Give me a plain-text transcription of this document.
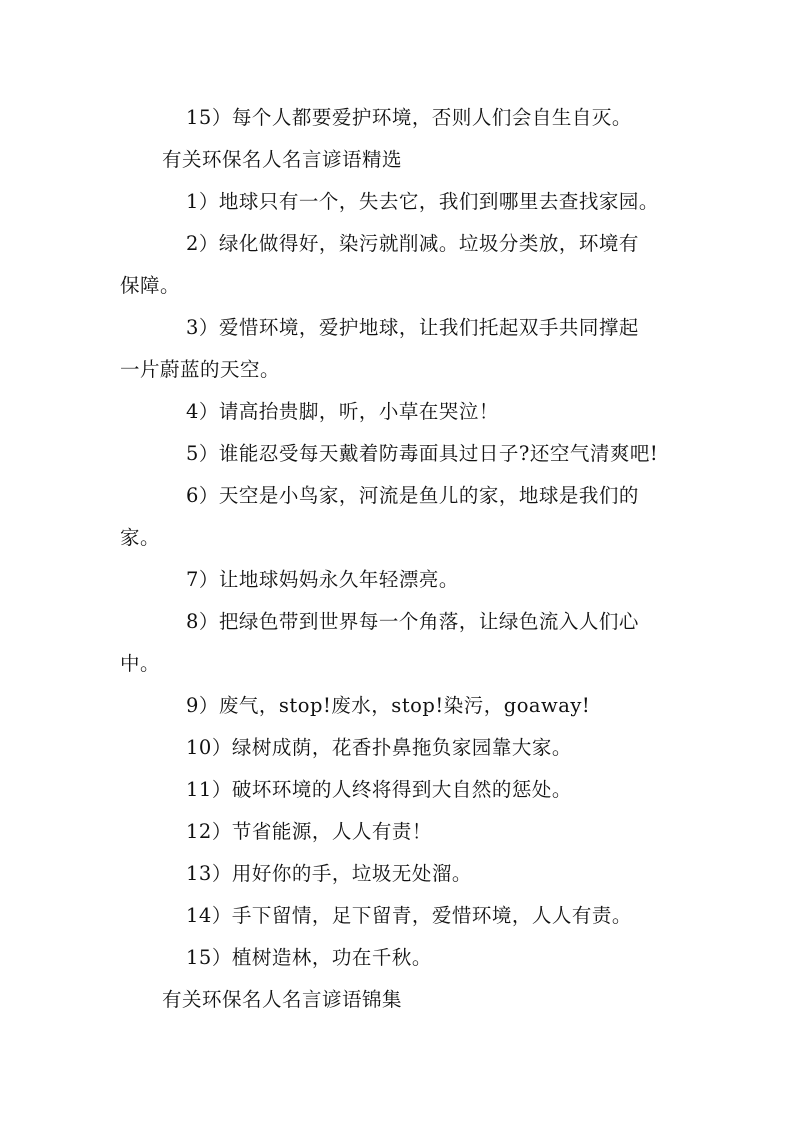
15）每个人都要爱护环境，否则人们会自生自灭。

有关环保名人名言谚语精选

1）地球只有一个，失去它，我们到哪里去查找家园。

2）绿化做得好，染污就削减。垃圾分类放，环境有

保障。

3）爱惜环境，爱护地球，让我们托起双手共同撑起

一片蔚蓝的天空。

4）请高抬贵脚，听，小草在哭泣！

5）谁能忍受每天戴着防毒面具过日子?还空气清爽吧!

6）天空是小鸟家，河流是鱼儿的家，地球是我们的

家。

7）让地球妈妈永久年轻漂亮。

8）把绿色带到世界每一个角落，让绿色流入人们心

中。

9）废气，stop!废水，stop!染污，goaway!

10）绿树成荫，花香扑鼻拖负家园靠大家。

11）破坏环境的人终将得到大自然的惩处。

12）节省能源，人人有责！

13）用好你的手，垃圾无处溜。

14）手下留情，足下留青，爱惜环境，人人有责。

15）植树造林，功在千秋。

有关环保名人名言谚语锦集
